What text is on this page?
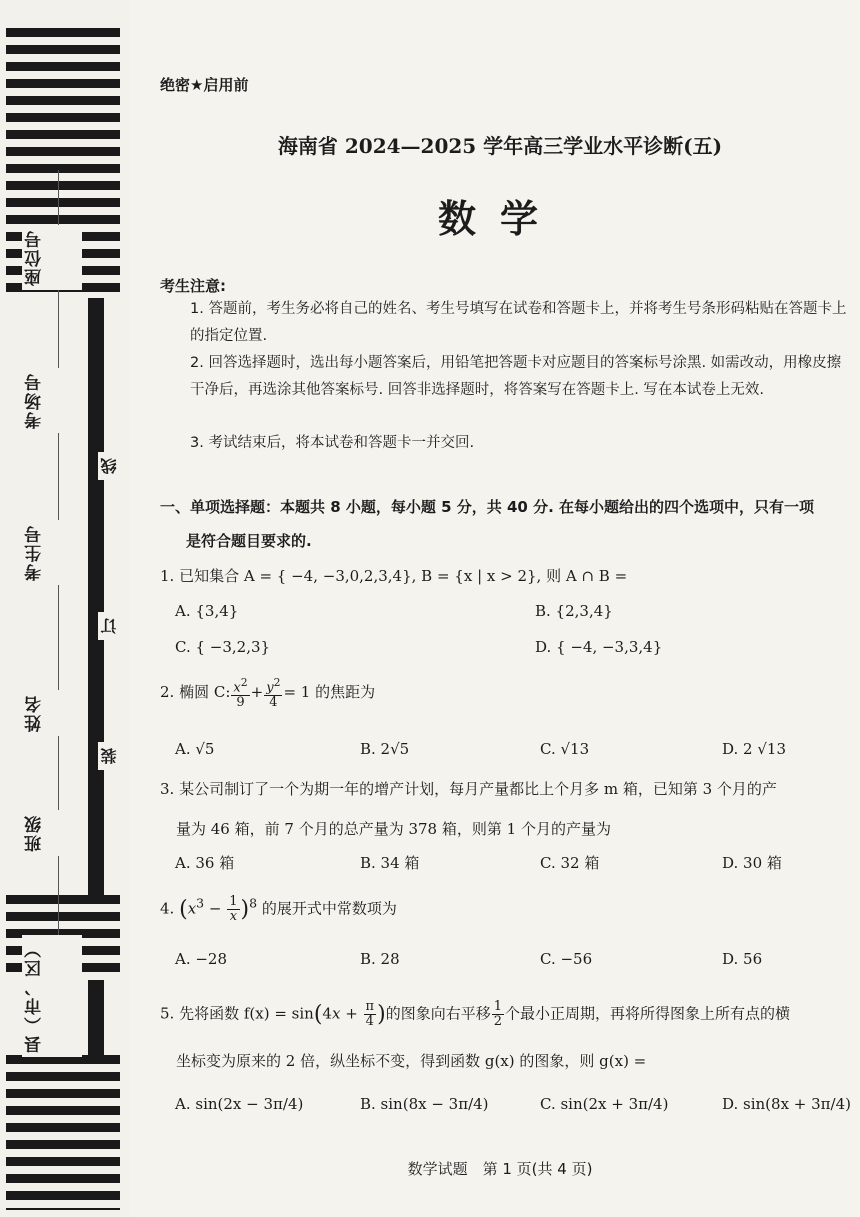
座位号
考场号
考生号
姓名
班级
县（市、区）
线
订
装
绝密★启用前
海南省 2024—2025 学年高三学业水平诊断(五)
数学
考生注意:
1. 答题前，考生务必将自己的姓名、考生号填写在试卷和答题卡上，并将考生号条形码粘贴在答题卡上的指定位置.
2. 回答选择题时，选出每小题答案后，用铅笔把答题卡对应题目的答案标号涂黑. 如需改动，用橡皮擦干净后，再选涂其他答案标号. 回答非选择题时，将答案写在答题卡上. 写在本试卷上无效.
3. 考试结束后，将本试卷和答题卡一并交回.
一、单项选择题：本题共 8 小题，每小题 5 分，共 40 分. 在每小题给出的四个选项中，只有一项
是符合题目要求的.
1. 已知集合 A = { −4, −3,0,2,3,4}, B = {x | x > 2}, 则 A ∩ B =
A. {3,4}	B. {2,3,4}
C. { −3,2,3}	D. { −4, −3,3,4}
2. 椭圆 C: $\frac{x^2}{9} + \frac{y^2}{4} = 1$ 的焦距为
A. √5	B. 2√5	C. √13	D. 2 √13
3. 某公司制订了一个为期一年的增产计划，每月产量都比上个月多 m 箱，已知第 3 个月的产
量为 46 箱，前 7 个月的总产量为 378 箱，则第 1 个月的产量为
A. 36 箱	B. 34 箱	C. 32 箱	D. 30 箱
4. $(x^3 - \frac{1}{x} )^8$ 的展开式中常数项为
A. −28	B. 28	C. −56	D. 56
5. 先将函数 $f(x) = \sin(4x + \frac{\pi}{4}$ )的图象向右平移 $\frac{1}{2}$ 个最小正周期，再将所得图象上所有点的横
坐标变为原来的 2 倍，纵坐标不变，得到函数 g(x) 的图象，则 g(x) =
A. sin(2x − 3π/4)	B. sin(8x − 3π/4)	C. sin(2x + 3π/4)	D. sin(8x + 3π/4)
数学试题　第 1 页(共 4 页)
